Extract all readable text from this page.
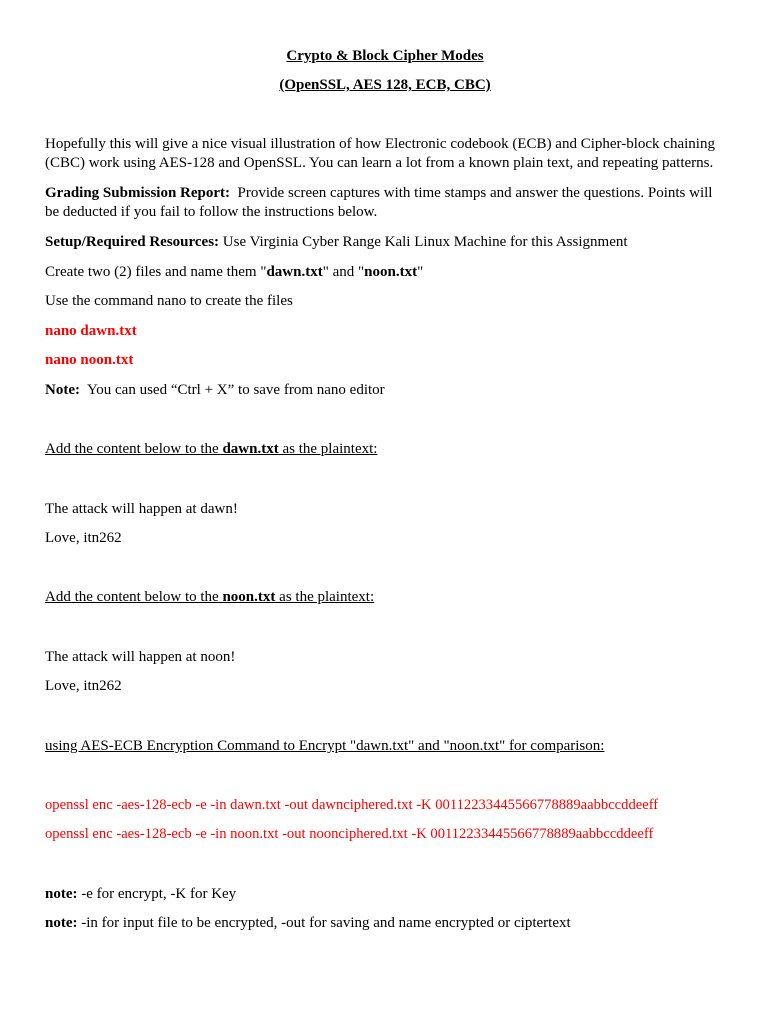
Crypto & Block Cipher Modes
(OpenSSL, AES 128, ECB, CBC)
Hopefully this will give a nice visual illustration of how Electronic codebook (ECB) and Cipher-block chaining (CBC) work using AES-128 and OpenSSL. You can learn a lot from a known plain text, and repeating patterns.
Grading Submission Report: Provide screen captures with time stamps and answer the questions. Points will be deducted if you fail to follow the instructions below.
Setup/Required Resources: Use Virginia Cyber Range Kali Linux Machine for this Assignment
Create two (2) files and name them "dawn.txt" and "noon.txt"
Use the command nano to create the files
nano dawn.txt
nano noon.txt
Note: You can used “Ctrl + X” to save from nano editor
Add the content below to the dawn.txt as the plaintext:
The attack will happen at dawn!
Love, itn262
Add the content below to the noon.txt as the plaintext:
The attack will happen at noon!
Love, itn262
using AES-ECB Encryption Command to Encrypt "dawn.txt" and "noon.txt" for comparison:
openssl enc -aes-128-ecb -e -in dawn.txt -out dawnciphered.txt -K 00112233445566778889aabbccddeeff
openssl enc -aes-128-ecb -e -in noon.txt -out noonciphered.txt -K 00112233445566778889aabbccddeeff
note: -e for encrypt, -K for Key
note: -in for input file to be encrypted, -out for saving and name encrypted or ciptertext
